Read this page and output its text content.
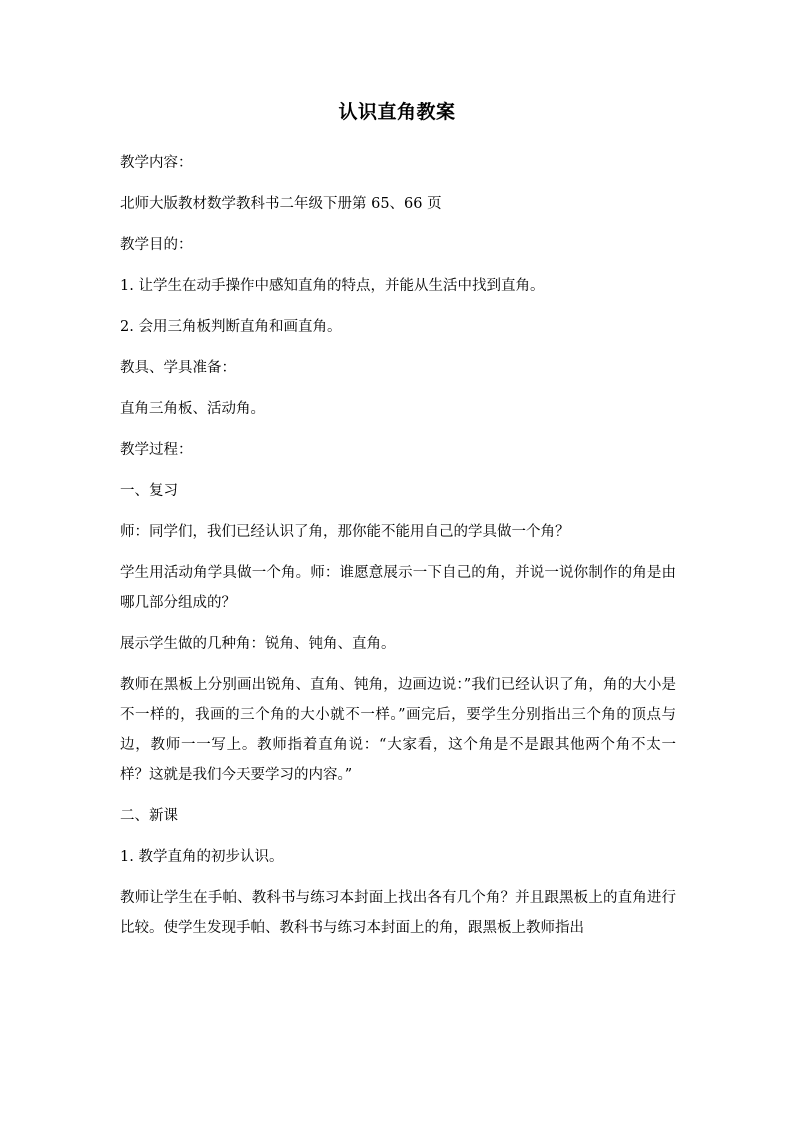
认识直角教案

教学内容：

北师大版教材数学教科书二年级下册第 65、66 页

教学目的：

1. 让学生在动手操作中感知直角的特点，并能从生活中找到直角。

2. 会用三角板判断直角和画直角。

教具、学具准备：

直角三角板、活动角。

教学过程：

一、复习

师：同学们，我们已经认识了角，那你能不能用自己的学具做一个角？

学生用活动角学具做一个角。师：谁愿意展示一下自己的角，并说一说你制作的角是由哪几部分组成的？

展示学生做的几种角：锐角、钝角、直角。

教师在黑板上分别画出锐角、直角、钝角，边画边说：”我们已经认识了角，角的大小是不一样的，我画的三个角的大小就不一样。”画完后，要学生分别指出三个角的顶点与边，教师一一写上。教师指着直角说：“大家看，这个角是不是跟其他两个角不太一样？这就是我们今天要学习的内容。”

二、新课

1. 教学直角的初步认识。

教师让学生在手帕、教科书与练习本封面上找出各有几个角？并且跟黑板上的直角进行比较。使学生发现手帕、教科书与练习本封面上的角，跟黑板上教师指出
